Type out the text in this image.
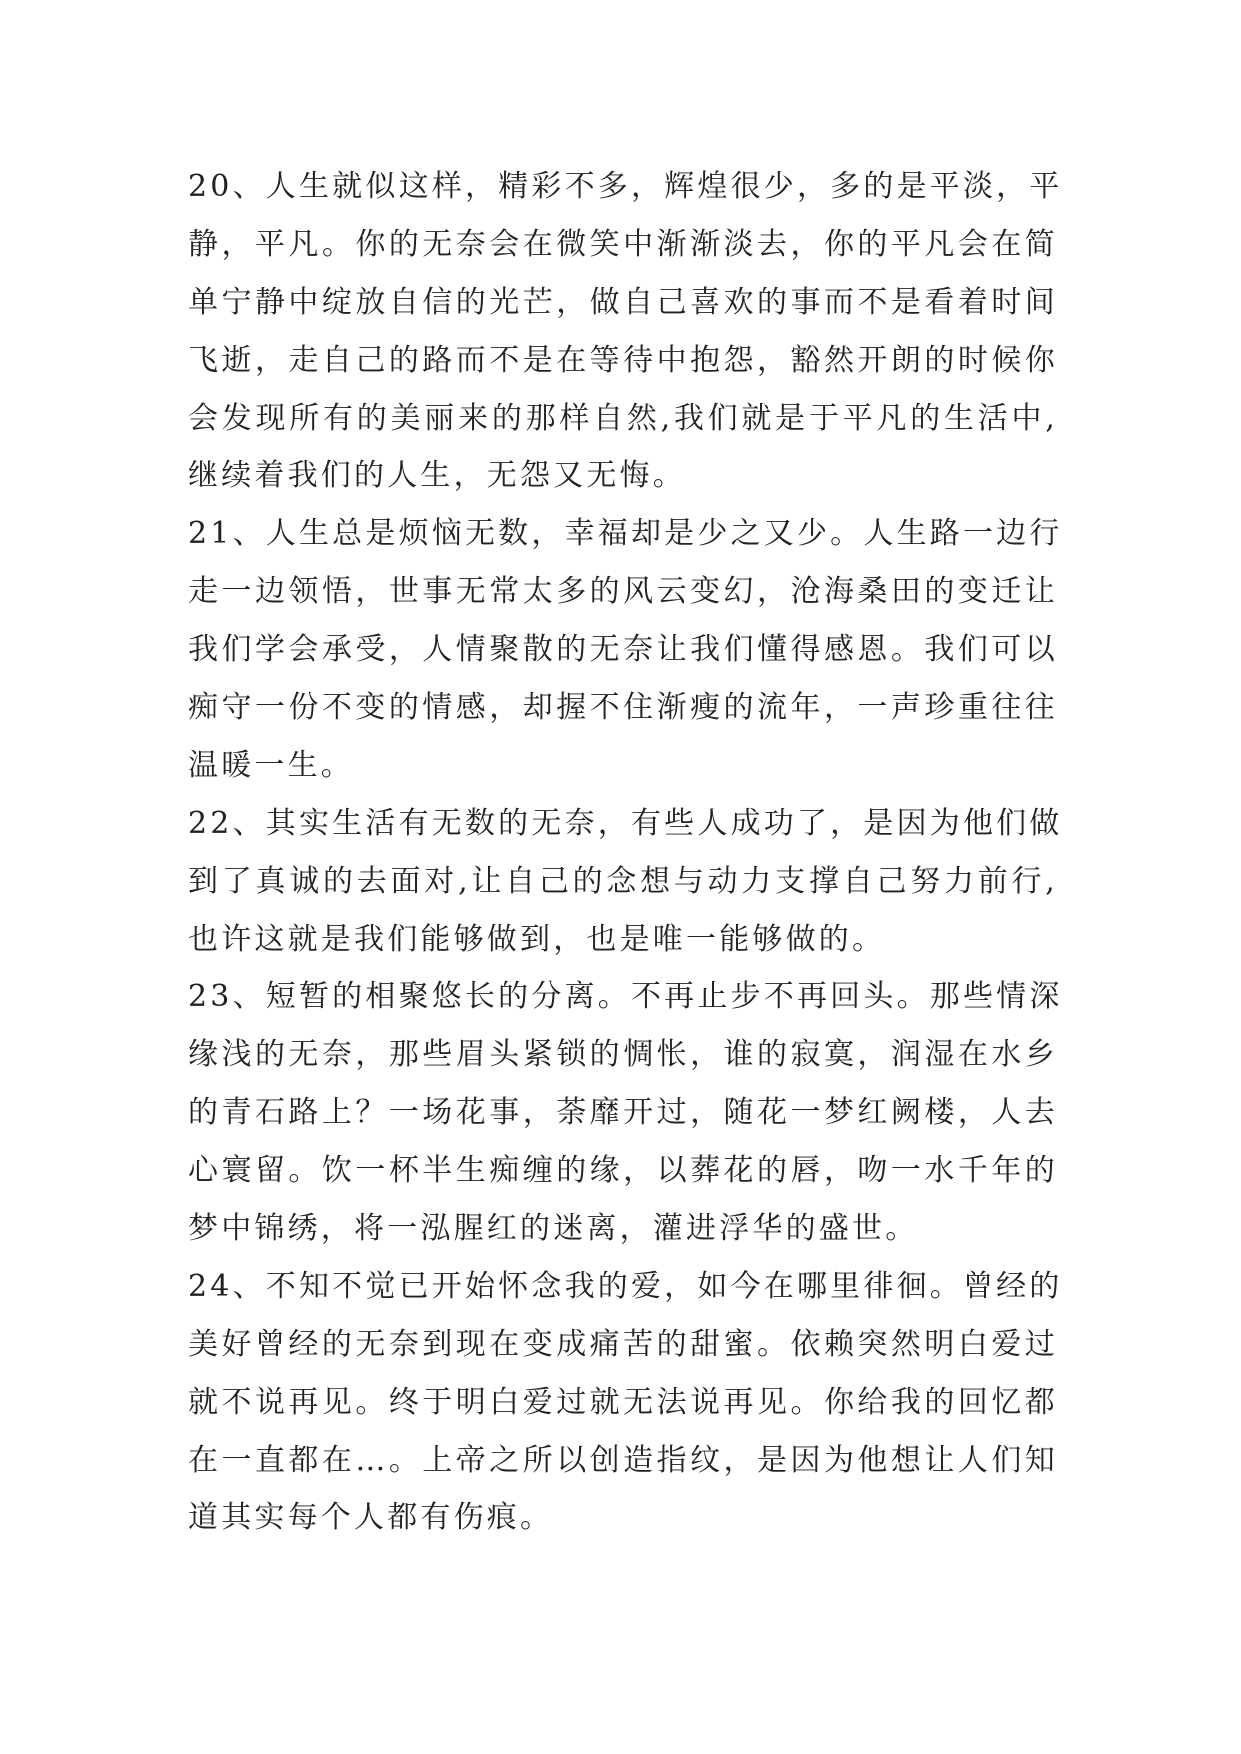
20、人生就似这样，精彩不多，辉煌很少，多的是平淡，平
静，平凡。你的无奈会在微笑中渐渐淡去，你的平凡会在简
单宁静中绽放自信的光芒，做自己喜欢的事而不是看着时间
飞逝，走自己的路而不是在等待中抱怨，豁然开朗的时候你
会发现所有的美丽来的那样自然,我们就是于平凡的生活中,
继续着我们的人生，无怨又无悔。
21、人生总是烦恼无数，幸福却是少之又少。人生路一边行
走一边领悟，世事无常太多的风云变幻，沧海桑田的变迁让
我们学会承受，人情聚散的无奈让我们懂得感恩。我们可以
痴守一份不变的情感，却握不住渐瘦的流年，一声珍重往往
温暖一生。
22、其实生活有无数的无奈，有些人成功了，是因为他们做
到了真诚的去面对,让自己的念想与动力支撑自己努力前行,
也许这就是我们能够做到，也是唯一能够做的。
23、短暂的相聚悠长的分离。不再止步不再回头。那些情深
缘浅的无奈，那些眉头紧锁的惆怅，谁的寂寞，润湿在水乡
的青石路上？一场花事，荼靡开过，随花一梦红阙楼，人去
心寰留。饮一杯半生痴缠的缘，以葬花的唇，吻一水千年的
梦中锦绣，将一泓腥红的迷离，灌进浮华的盛世。
24、不知不觉已开始怀念我的爱，如今在哪里徘徊。曾经的
美好曾经的无奈到现在变成痛苦的甜蜜。依赖突然明白爱过
就不说再见。终于明白爱过就无法说再见。你给我的回忆都
在一直都在…。上帝之所以创造指纹，是因为他想让人们知
道其实每个人都有伤痕。
